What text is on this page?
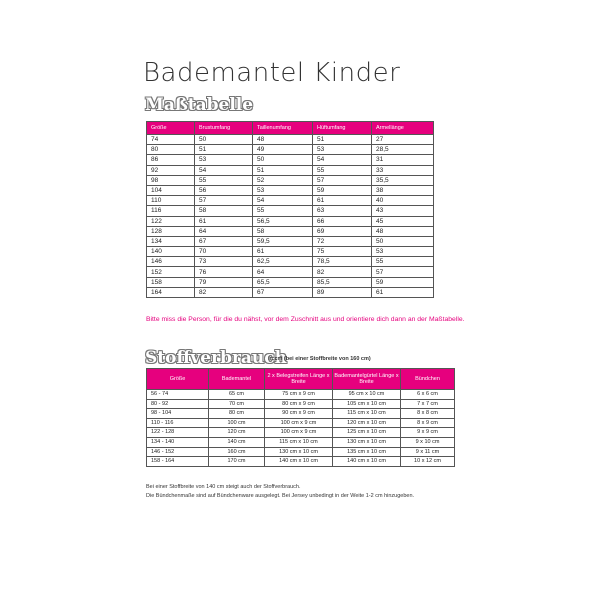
Bademantel Kinder
Maßtabelle
Größe	Brustumfang	Taillenumfang	Hüftumfang	Armellänge
74	50	48	51	27
80	51	49	53	28,5
86	53	50	54	31
92	54	51	55	33
98	55	52	57	35,5
104	56	53	59	38
110	57	54	61	40
116	58	55	63	43
122	61	56,5	66	45
128	64	58	69	48
134	67	59,5	72	50
140	70	61	75	53
146	73	62,5	78,5	55
152	76	64	82	57
158	79	65,5	85,5	59
164	82	67	89	61
Bitte miss die Person, für die du nähst, vor dem Zuschnitt aus und orientiere dich dann an der Maßtabelle.
Stoffverbrauch
in cm (bei einer Stoffbreite von 160 cm)
Größe	Bademantel	2 x Belegstreifen Länge x Breite	Bademantelgürtel Länge x Breite	Bündchen
56 - 74	65 cm	75 cm x 9 cm	95 cm x 10 cm	6 x 6 cm
80 - 92	70 cm	80 cm x 9 cm	105 cm x 10 cm	7 x 7 cm
98 - 104	80 cm	90 cm x 9 cm	115 cm x 10 cm	8 x 8 cm
110 - 116	100 cm	100 cm x 9 cm	120 cm x 10 cm	8 x 9 cm
122 - 128	120 cm	100 cm x 9 cm	125 cm x 10 cm	9 x 9 cm
134 - 140	140 cm	115 cm x 10 cm	130 cm x 10 cm	9 x 10 cm
146 - 152	160 cm	130 cm x 10 cm	135 cm x 10 cm	9 x 11 cm
158 - 164	170 cm	140 cm x 10 cm	140 cm x 10 cm	10 x 12 cm
Bei einer Stoffbreite von 140 cm steigt auch der Stoffverbrauch.
Die Bündchenmaße sind auf Bündchenware ausgelegt. Bei Jersey unbedingt in der Weite 1-2 cm hinzugeben.
